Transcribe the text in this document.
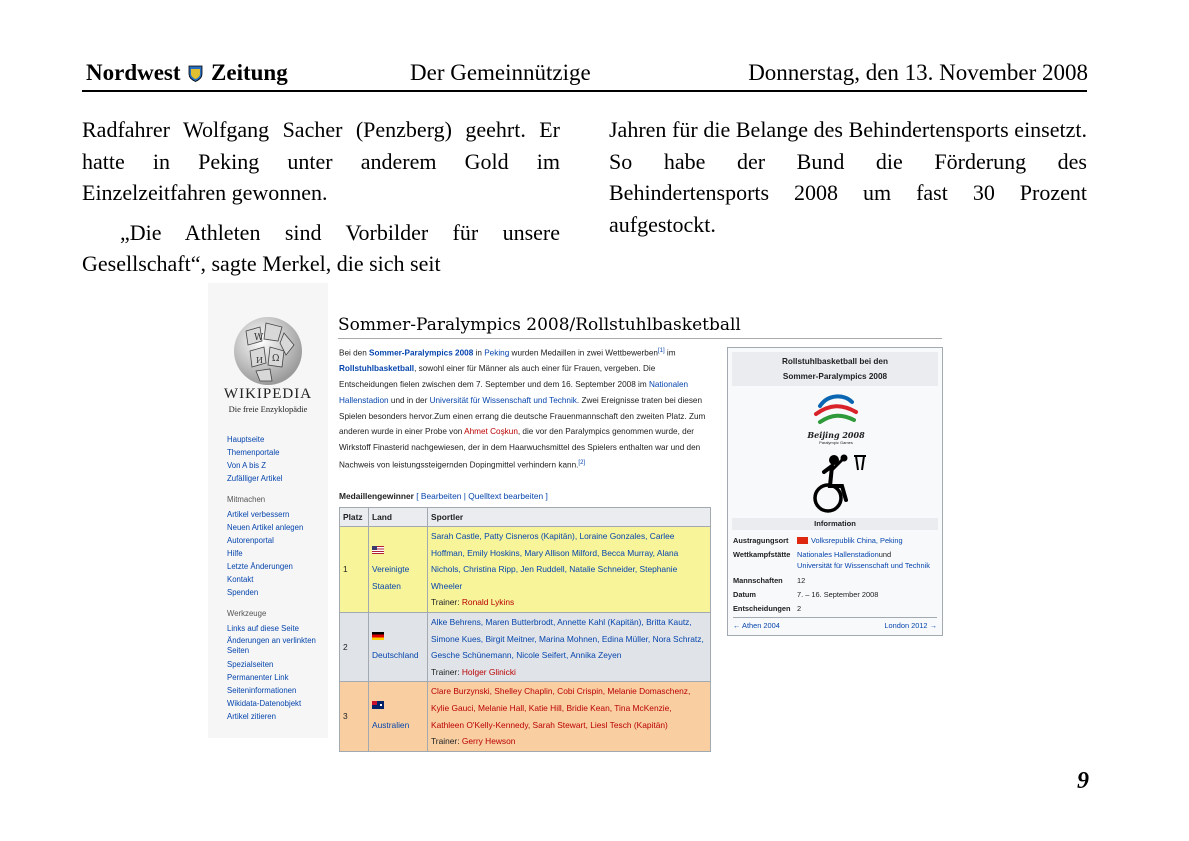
Nordwest Zeitung	Der Gemeinnützige	Donnerstag, den 13. November 2008

Radfahrer Wolfgang Sacher (Penzberg) geehrt. Er hatte in Peking unter anderem Gold im Einzelzeitfahren gewonnen.

„Die Athleten sind Vorbilder für unsere Gesellschaft“, sagte Merkel, die sich seit

Jahren für die Belange des Behindertensports einsetzt. So habe der Bund die Förderung des Behindertensports 2008 um fast 30 Prozent aufgestockt.

W
Ω
И
WIKIPEDIA
Die freie Enzyklopädie
Hauptseite
Themenportale
Von A bis Z
Zufälliger Artikel
Mitmachen
Artikel verbessern
Neuen Artikel anlegen
Autorenportal
Hilfe
Letzte Änderungen
Kontakt
Spenden
Werkzeuge
Links auf diese Seite
Änderungen an verlinkten Seiten
Spezialseiten
Permanenter Link
Seiteninformationen
Wikidata-Datenobjekt
Artikel zitieren
Sommer-Paralympics 2008/Rollstuhlbasketball
Bei den Sommer-Paralympics 2008 in Peking wurden Medaillen in zwei Wettbewerben[1] im Rollstuhlbasketball, sowohl einer für Männer als auch einer für Frauen, vergeben. Die Entscheidungen fielen zwischen dem 7. September und dem 16. September 2008 im Nationalen Hallenstadion und in der Universität für Wissenschaft und Technik. Zwei Ereignisse traten bei diesen Spielen besonders hervor.Zum einen errang die deutsche Frauenmannschaft den zweiten Platz. Zum anderen wurde in einer Probe von Ahmet Coşkun, die vor den Paralympics genommen wurde, der Wirkstoff Finasterid nachgewiesen, der in dem Haarwuchsmittel des Spielers enthalten war und den Nachweis von leistungssteigernden Dopingmittel verhindern kann.[2]
Medaillengewinner [ Bearbeiten | Quelltext bearbeiten ]
Platz	Land	Sportler
1	Vereinigte Staaten	Sarah Castle, Patty Cisneros (Kapitän), Loraine Gonzales, Carlee Hoffman, Emily Hoskins, Mary Allison Milford, Becca Murray, Alana Nichols, Christina Ripp, Jen Ruddell, Natalie Schneider, Stephanie Wheeler
Trainer: Ronald Lykins
2	Deutschland	Alke Behrens, Maren Butterbrodt, Annette Kahl (Kapitän), Britta Kautz, Simone Kues, Birgit Meitner, Marina Mohnen, Edina Müller, Nora Schratz, Gesche Schünemann, Nicole Seifert, Annika Zeyen
Trainer: Holger Glinicki
3	Australien	Clare Burzynski, Shelley Chaplin, Cobi Crispin, Melanie Domaschenz, Kylie Gauci, Melanie Hall, Katie Hill, Bridie Kean, Tina McKenzie, Kathleen O'Kelly-Kennedy, Sarah Stewart, Liesl Tesch (Kapitän)
Trainer: Gerry Hewson
Rollstuhlbasketball bei den
Sommer-Paralympics 2008
Beijing 2008
Paralympic Games
Information
Austragungsort	Volksrepublik China, Peking
Wettkampfstätte Nationales HallenstadionundUniversität für Wissenschaft und Technik
Mannschaften 12
Datum	7. – 16. September 2008
Entscheidungen 2
← Athen 2004	London 2012 →
9
